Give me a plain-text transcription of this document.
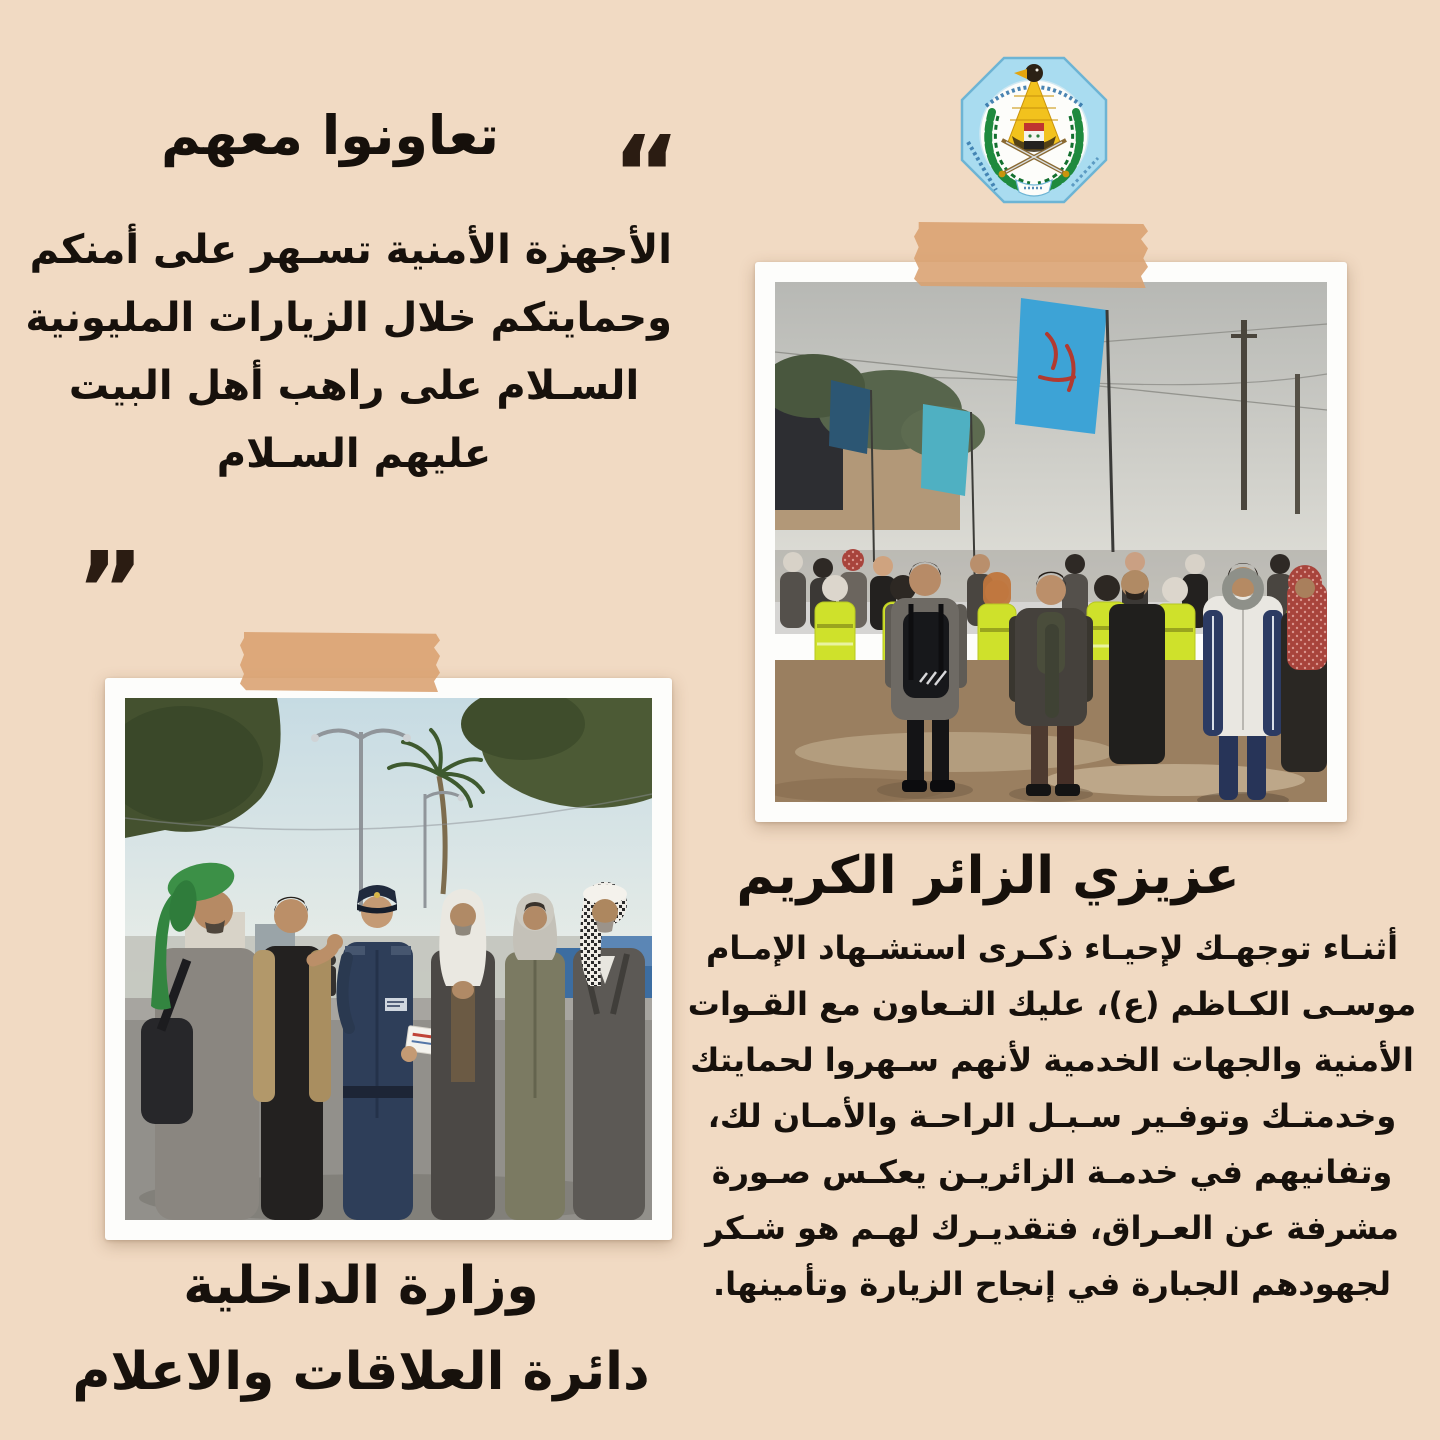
تعاونوا معهم	“
الأجهزة الأمنية تسـهر على أمنكم
وحمايتكم خلال الزيارات المليونية
السـلام على راهب أهل البيت
عليهم السـلام
”
عزيزي الزائر الكريم
أثنـاء توجهـك لإحيـاء ذكـرى استشـهاد الإمـام
موسـى الكـاظم (ع)، عليك التـعاون مع القـوات
الأمنية والجهات الخدمية لأنهم سـهروا لحمايتك
وخدمتـك وتوفـير سـبـل الراحـة والأمـان لك،
وتفانيهم في خدمـة الزائريـن يعكـس صـورة
مشرفة عن العـراق، فتقديـرك لهـم هو شـكر
لجهودهم الجبارة في إنجاح الزيارة وتأمينها.
وزارة الداخلية
دائرة العلاقات والاعلام
